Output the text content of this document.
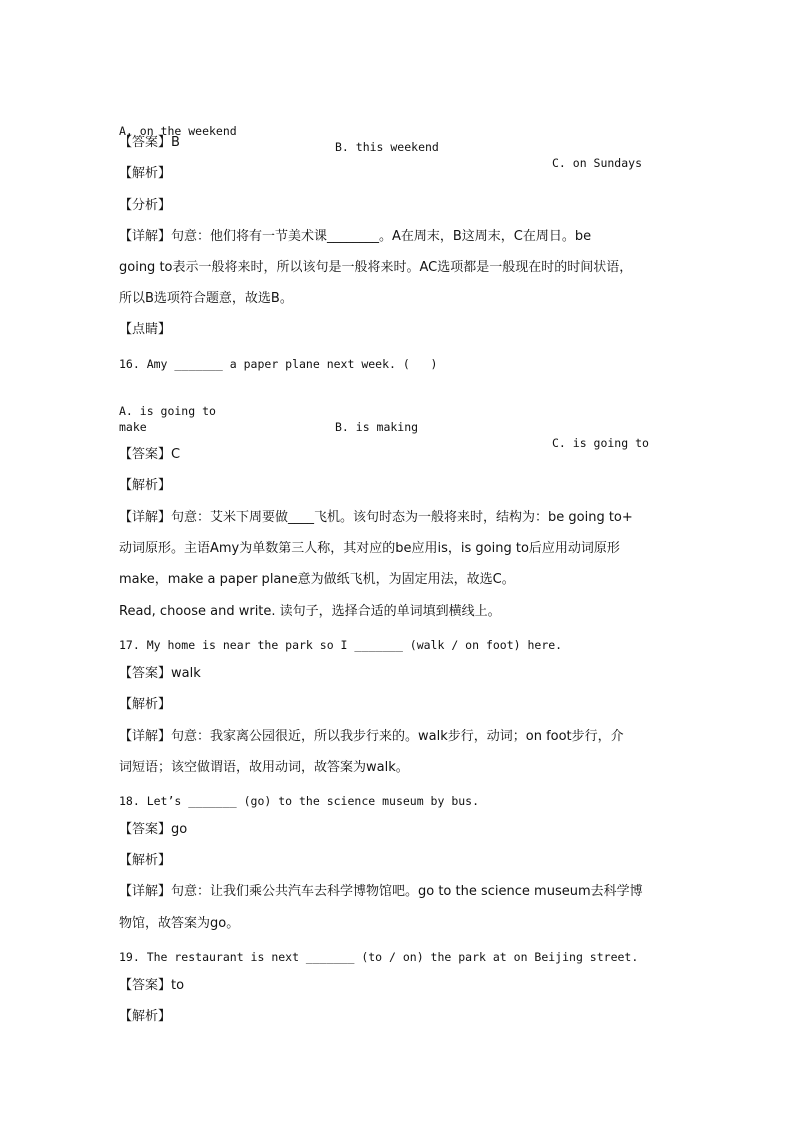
A. on the weekend

B. this weekend

C. on Sundays

【答案】B
【解析】
【分析】
【详解】句意：他们将有一节美术课________。A在周末，B这周末，C在周日。be
going to表示一般将来时，所以该句是一般将来时。AC选项都是一般现在时的时间状语，
所以B选项符合题意，故选B。
【点睛】
16. Amy _______ a paper plane next week. (   )

A. is going to

B. is making

C. is going to

make
【答案】C
【解析】
【详解】句意：艾米下周要做____飞机。该句时态为一般将来时，结构为：be going to+
动词原形。主语Amy为单数第三人称，其对应的be应用is，is going to后应用动词原形
make，make a paper plane意为做纸飞机，为固定用法，故选C。
Read, choose and write. 读句子，选择合适的单词填到横线上。
17. My home is near the park so I _______ (walk / on foot) here.
【答案】walk
【解析】
【详解】句意：我家离公园很近，所以我步行来的。walk步行，动词；on foot步行，介
词短语；该空做谓语，故用动词，故答案为walk。
18. Let’s _______ (go) to the science museum by bus.
【答案】go
【解析】
【详解】句意：让我们乘公共汽车去科学博物馆吧。go to the science museum去科学博
物馆，故答案为go。
19. The restaurant is next _______ (to / on) the park at on Beijing street.
【答案】to
【解析】
